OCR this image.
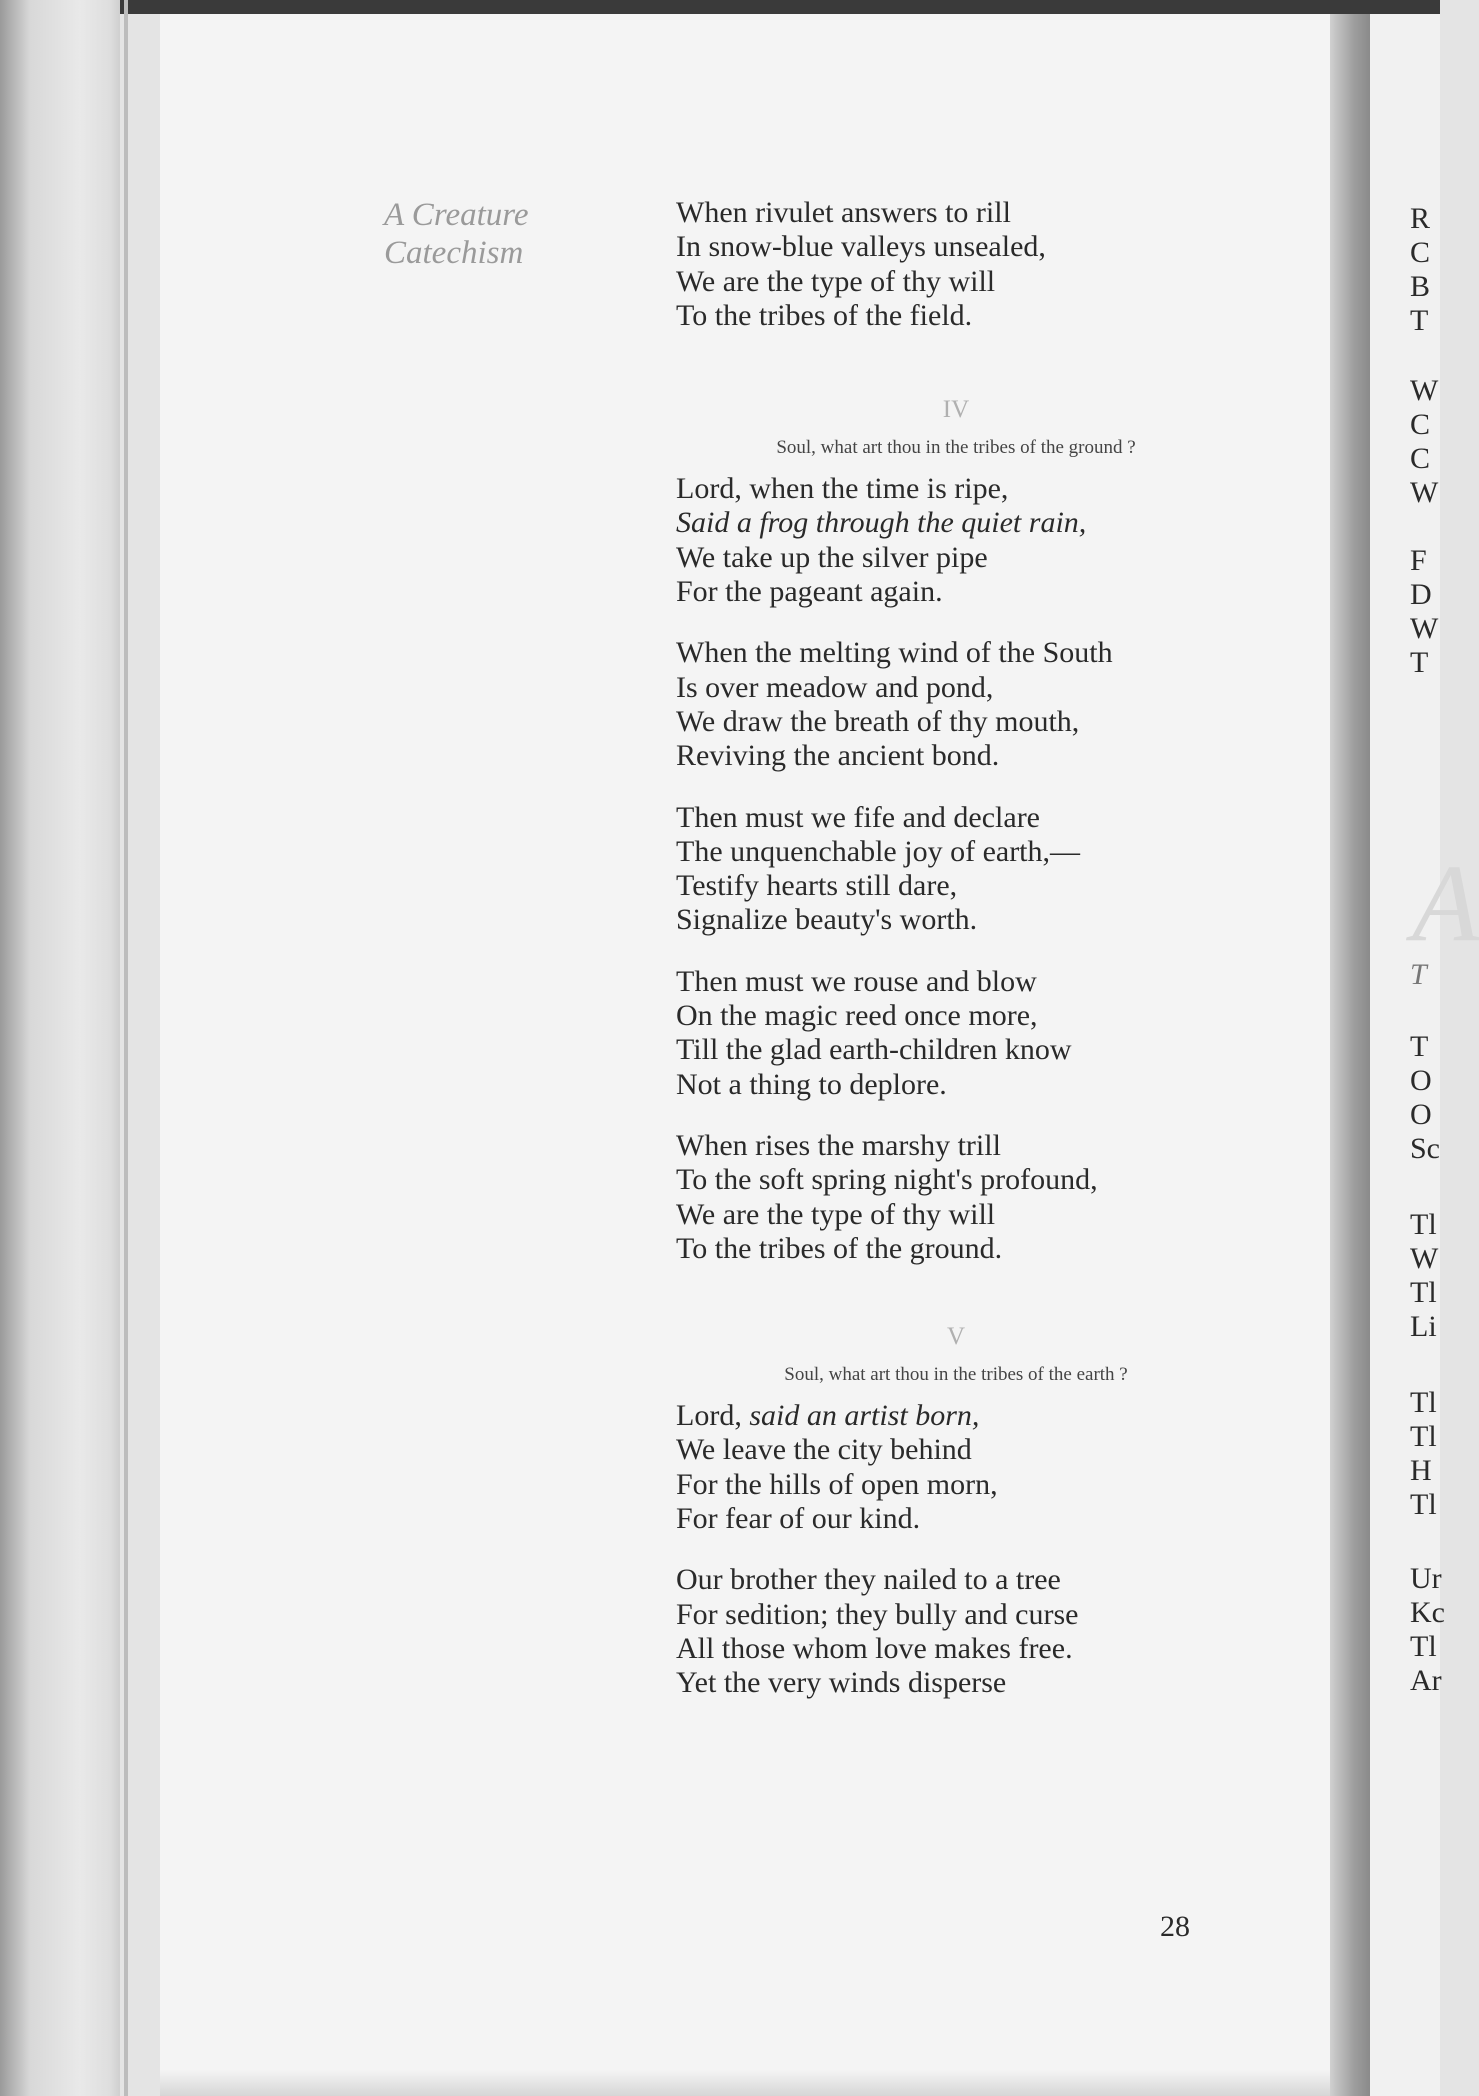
A Creature
Catechism
When rivulet answers to rill
In snow-blue valleys unsealed,
We are the type of thy will
To the tribes of the field.
IV
Soul, what art thou in the tribes of the ground ?
Lord, when the time is ripe,
Said a frog through the quiet rain,
We take up the silver pipe
For the pageant again.
When the melting wind of the South
Is over meadow and pond,
We draw the breath of thy mouth,
Reviving the ancient bond.
Then must we fife and declare
The unquenchable joy of earth,—
Testify hearts still dare,
Signalize beauty's worth.
Then must we rouse and blow
On the magic reed once more,
Till the glad earth-children know
Not a thing to deplore.
When rises the marshy trill
To the soft spring night's profound,
We are the type of thy will
To the tribes of the ground.
V
Soul, what art thou in the tribes of the earth ?
Lord, said an artist born,
We leave the city behind
For the hills of open morn,
For fear of our kind.
Our brother they nailed to a tree
For sedition; they bully and curse
All those whom love makes free.
Yet the very winds disperse
28
R
C
B
T
W
C
C
W
F
D
W
T
A
T
T
O
O
Sc
Tl
W
Tl
Li
Tl
Tl
H
Tl
Ur
Kc
Tl
Ar
